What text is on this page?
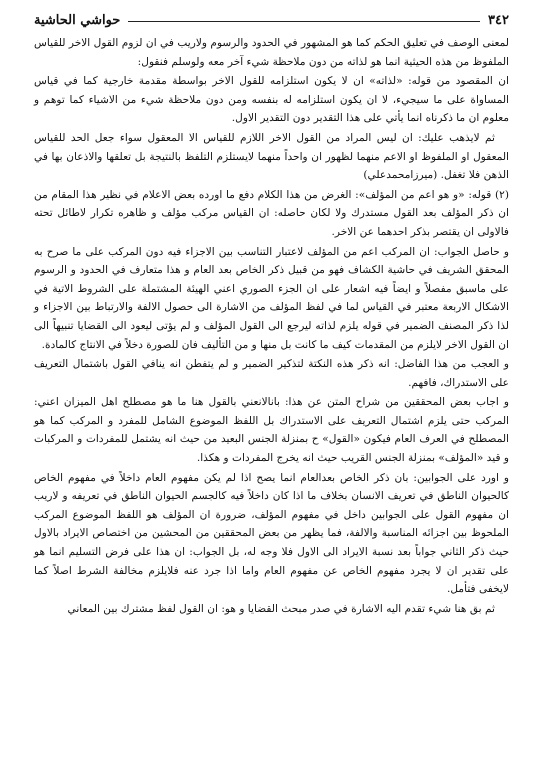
٣٤٢
حواشي الحاشية

لمعنى الوصف في تعليق الحكم كما هو المشهور في الحدود والرسوم ولاريب في ان لزوم القول الاخر للقياس الملفوظ من هذه الحيثية انما هو لذاته من دون ملاحظة شيء آخر معه ولوسلم فنقول:

ان المقصود من قوله: «لذاته» ان لا يكون استلزامه للقول الاخر بواسطة مقدمة خارجية كما في قياس المساواة على ما سيجيء، لا ان يكون استلزامه له بنفسه ومن دون ملاحظة شيء من الاشياء كما توهم و معلوم ان ما ذكرناه انما يأتي على هذا التقدير دون التقدير الاول.

ثم لايذهب عليك: ان ليس المراد من القول الاخر اللازم للقياس الا المعقول سواء جعل الحد للقياس المعقول او الملفوظ او الاعم منهما لظهور ان واحداً منهما لايستلزم التلفظ بالنتيجة بل تعلقها والاذعان بها في الذهن فلا تغفل. (ميرزامحمدعلي)

(٢) قوله: «و هو اعم من المؤلف»: الغرض من هذا الكلام دفع ما اورده بعض الاعلام في نظير هذا المقام من ان ذكر المؤلف بعد القول مستدرك ولا لكان حاصله: ان القياس مركب مؤلف و ظاهره تكرار لاطائل تحته فالاولى ان يقتصر بذكر احدهما عن الاخر.

و حاصل الجواب: ان المركب اعم من المؤلف لاعتبار التناسب بين الاجزاء فيه دون المركب على ما صرح به المحقق الشريف في حاشية الكشاف فهو من قبيل ذكر الخاص بعد العام و هذا متعارف في الحدود و الرسوم على ماسبق مفصلاً و ايضاً فيه اشعار على ان الجزء الصوري اعني الهيئة المشتملة على الشروط الاتية في الاشكال الاربعة معتبر في القياس لما في لفظ المؤلف من الاشارة الى حصول الالفة والارتباط بين الاجزاء و لذا ذكر المصنف الضمير في قوله يلزم لذاته ليرجع الى القول المؤلف و لم يؤتى ليعود الى القضايا تنبيهاً الى ان القول الاخر لايلزم من المقدمات كيف ما كانت بل منها و من التأليف فان للصورة دخلاً في الانتاج كالمادة.

و العجب من هذا الفاضل: انه ذكر هذه النكتة لتذكير الضمير و لم يتفطن انه ينافي القول باشتمال التعريف على الاستدراك، فافهم.

و اجاب بعض المحققين من شراح المتن عن هذا: بانالانعني بالقول هنا ما هو مصطلح اهل الميزان اعني: المركب حتى يلزم اشتمال التعريف على الاستدراك بل اللفظ الموضوع الشامل للمفرد و المركب كما هو المصطلح في العرف العام فيكون «القول» ح بمنزلة الجنس البعيد من حيث انه يشتمل للمفردات و المركبات و قيد «المؤلف» بمنزلة الجنس القريب حيث انه يخرج المفردات و هكذا.

و اورد على الجوابين: بان ذكر الخاص بعدالعام انما يصح اذا لم يكن مفهوم العام داخلاً في مفهوم الخاص كالحيوان الناطق في تعريف الانسان بخلاف ما اذا كان داخلاً فيه كالجسم الحيوان الناطق في تعريفه و لاريب ان مفهوم القول على الجوابين داخل في مفهوم المؤلف، ضرورة ان المؤلف هو اللفظ الموضوع المركب الملحوظ بين اجزائه المناسبة والالفة، فما يظهر من بعض المحققين من المحشين من اختصاص الايراد بالاول حيث ذكر الثاني جواباً بعد نسبة الايراد الى الاول فلا وجه له، بل الجواب: ان هذا على فرض التسليم انما هو على تقدير ان لا يجرد مفهوم الخاص عن مفهوم العام واما اذا جرد عنه فلايلزم مخالفة الشرط اصلاً كما لايخفى فتأمل.

ثم بق هنا شيء تقدم اليه الاشارة في صدر مبحث القضايا و هو: ان القول لفظ مشترك بين المعاني
